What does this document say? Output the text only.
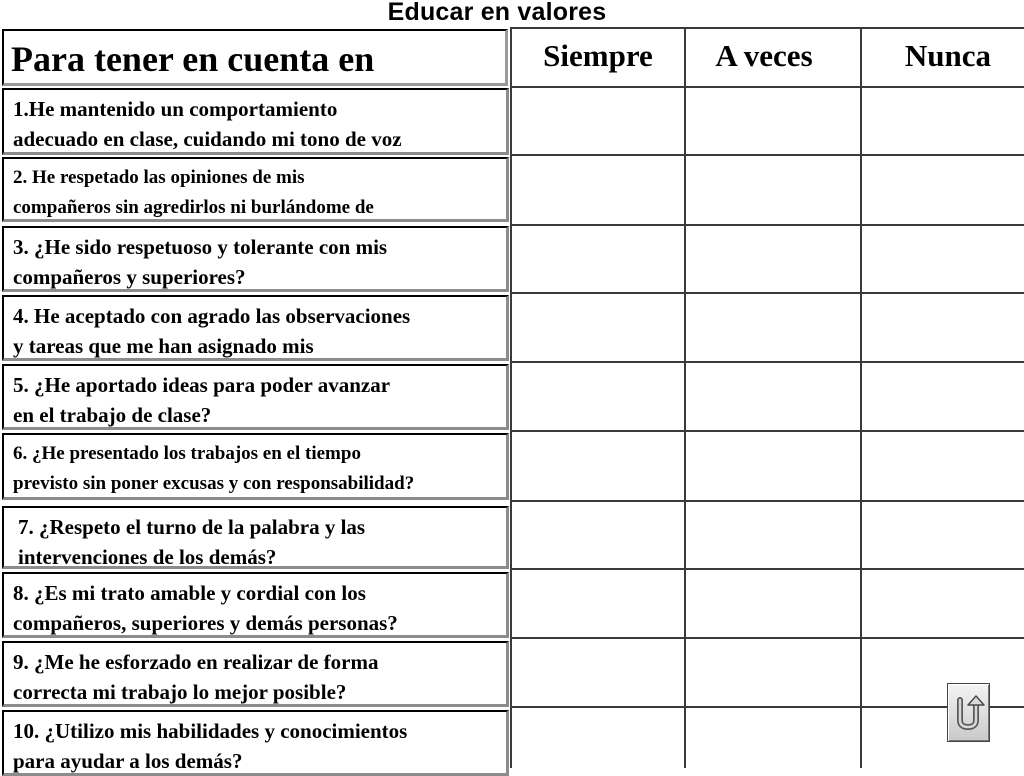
Educar en valores
Para tener en cuenta en	Siempre	A veces	Nunca
1.He mantenido un comportamiento
adecuado en clase, cuidando mi tono de voz
2. He respetado las opiniones de mis
compañeros sin agredirlos ni burlándome de
3. ¿He sido respetuoso y tolerante con mis
compañeros y superiores?
4. He aceptado con agrado las observaciones
y tareas que me han asignado mis
5. ¿He aportado ideas para poder avanzar
en el trabajo de clase?
6. ¿He presentado los trabajos en el tiempo
previsto sin poner excusas y con responsabilidad?
7. ¿Respeto el turno de la palabra y las
intervenciones de los demás?
8. ¿Es mi trato amable y cordial con los
compañeros, superiores y demás personas?
9. ¿Me he esforzado en realizar de forma
correcta mi trabajo lo mejor posible?
10. ¿Utilizo mis habilidades y conocimientos
para ayudar a los demás?
